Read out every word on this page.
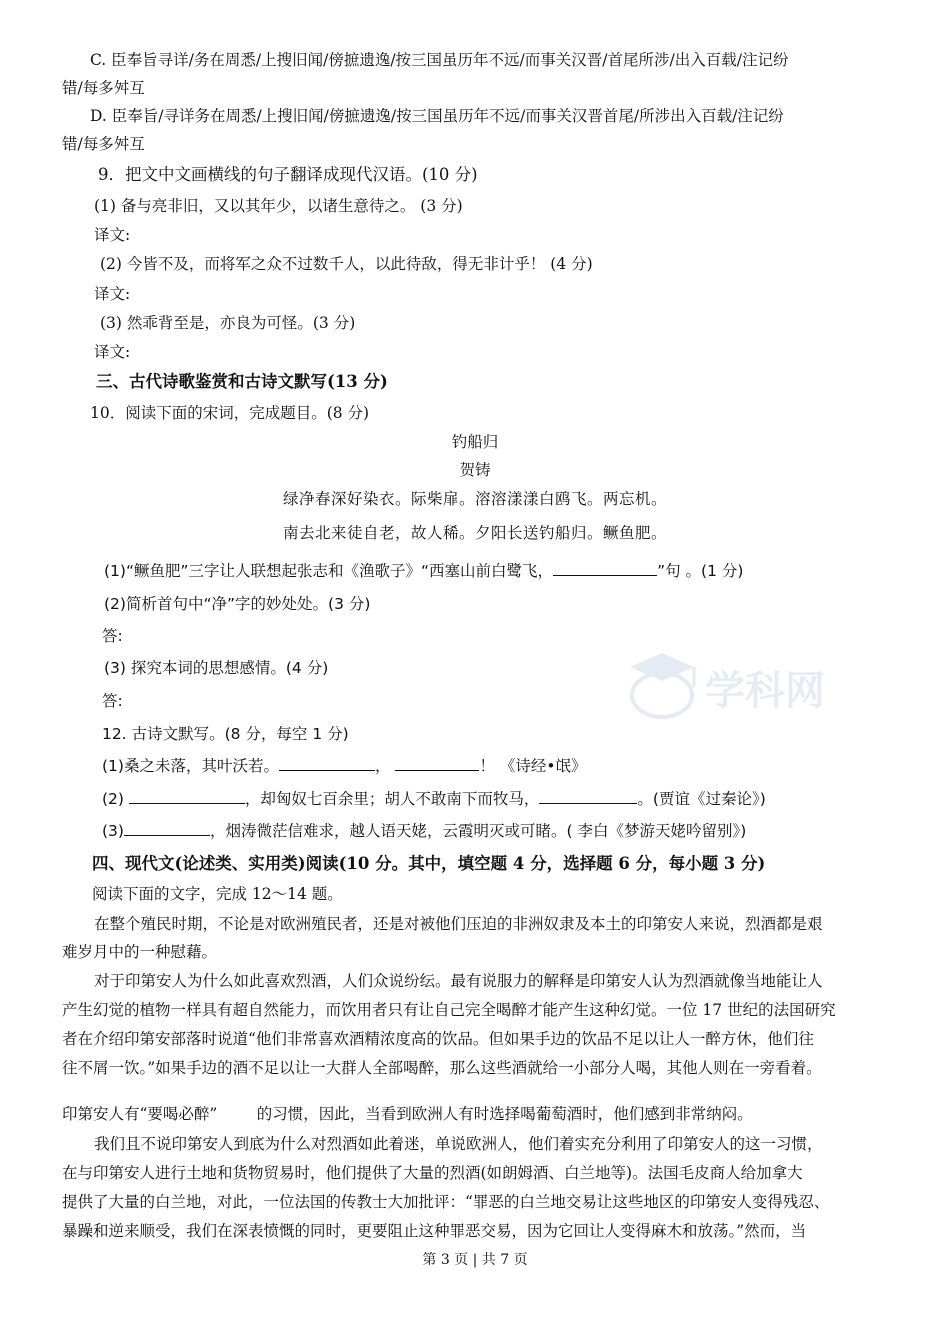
C. 臣奉旨寻详/务在周悉/上搜旧闻/傍摭遗逸/按三国虽历年不远/而事关汉晋/首尾所涉/出入百载/注记纷
错/每多舛互
D. 臣奉旨/寻详务在周悉/上搜旧闻/傍摭遗逸/按三国虽历年不远/而事关汉晋首尾/所涉出入百载/注记纷
错/每多舛互
9．把文中文画横线的句子翻译成现代汉语。(10 分)
(1) 备与亮非旧，又以其年少，以诸生意待之。 (3 分)
译文:
(2) 今皆不及，而将军之众不过数千人，以此待敌，得无非计乎！ (4 分)
译文:
(3) 然乖背至是，亦良为可怪。(3 分)
译文:
三、古代诗歌鉴赏和古诗文默写(13 分)
10．阅读下面的宋词，完成题目。(8 分)
钓船归
贺铸
绿净春深好染衣。际柴扉。溶溶漾漾白鸥飞。两忘机。
南去北来徒自老，故人稀。夕阳长送钓船归。鳜鱼肥。
(1)“鳜鱼肥”三字让人联想起张志和《渔歌子》“西塞山前白鹭飞，	”句 。(1 分)
(2)简析首句中“净”字的妙处处。(3 分)
答:
(3) 探究本词的思想感情。(4 分)
答:
12. 古诗文默写。(8 分，每空 1 分)
(1)桑之未落，其叶沃若。	，	！ 《诗经•氓》
(2)	，却匈奴七百余里；胡人不敢南下而牧马，	。(贾谊《过秦论》)
(3)	，烟涛微茫信难求，越人语天姥，云霞明灭或可睹。( 李白《梦游天姥吟留别》)
四、现代文(论述类、实用类)阅读(10 分。其中，填空题 4 分，选择题 6 分，每小题 3 分)
阅读下面的文字，完成 12～14 题。
在整个殖民时期，不论是对欧洲殖民者，还是对被他们压迫的非洲奴隶及本土的印第安人来说，烈酒都是艰
难岁月中的一种慰藉。
对于印第安人为什么如此喜欢烈酒，人们众说纷纭。最有说服力的解释是印第安人认为烈酒就像当地能让人
产生幻觉的植物一样具有超自然能力，而饮用者只有让自己完全喝醉才能产生这种幻觉。一位 17 世纪的法国研究
者在介绍印第安部落时说道“他们非常喜欢酒精浓度高的饮品。但如果手边的饮品不足以让人一醉方休，他们往
往不屑一饮。”如果手边的酒不足以让一大群人全部喝醉，那么这些酒就给一小部分人喝，其他人则在一旁看着。
印第安人有“要喝必醉”        的习惯，因此，当看到欧洲人有时选择喝葡萄酒时，他们感到非常纳闷。
我们且不说印第安人到底为什么对烈酒如此着迷，单说欧洲人，他们着实充分利用了印第安人的这一习惯，
在与印第安人进行土地和货物贸易时，他们提供了大量的烈酒(如朗姆酒、白兰地等)。法国毛皮商人给加拿大
提供了大量的白兰地，对此，一位法国的传教士大加批评：“罪恶的白兰地交易让这些地区的印第安人变得残忍、
暴躁和逆来顺受，我们在深表愤慨的同时，更要阻止这种罪恶交易，因为它回让人变得麻木和放荡。”然而，当
第 3 页 | 共 7 页
学科网
